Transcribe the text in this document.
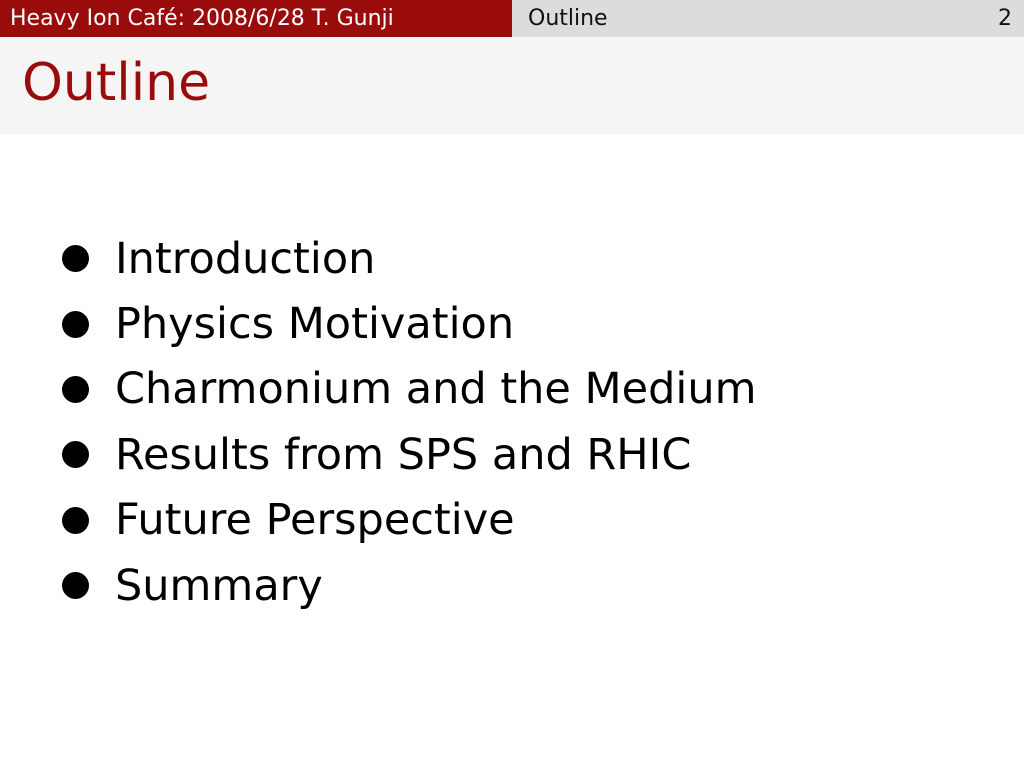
Heavy Ion Café: 2008/6/28 T. Gunji	Outline	2
Outline
Introduction
Physics Motivation
Charmonium and the Medium
Results from SPS and RHIC
Future Perspective
Summary
